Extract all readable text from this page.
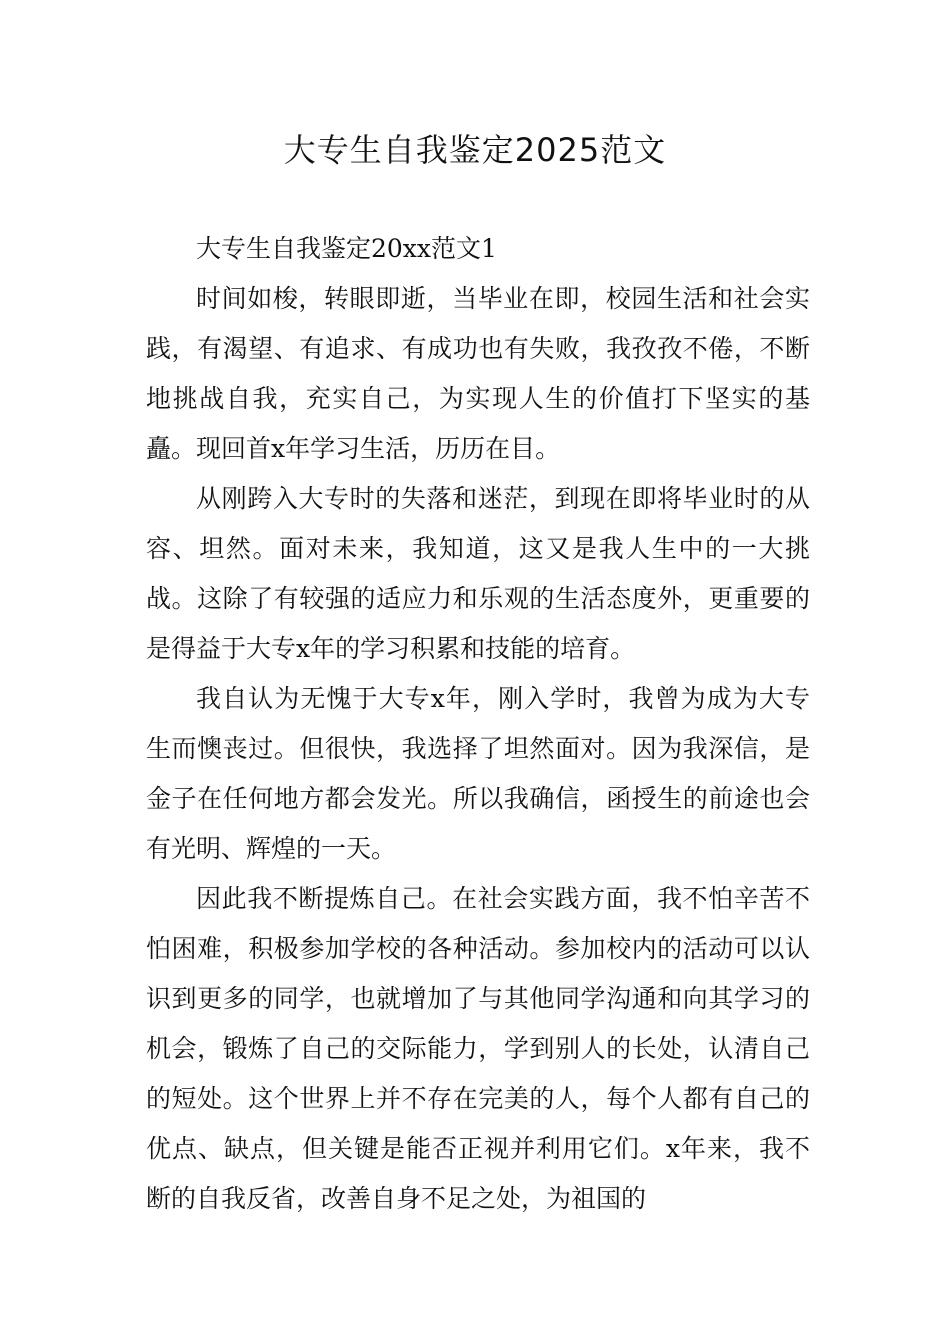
大专生自我鉴定2025范文

大专生自我鉴定20xx范文1

时间如梭，转眼即逝，当毕业在即，校园生活和社会实践，有渴望、有追求、有成功也有失败，我孜孜不倦，不断地挑战自我，充实自己，为实现人生的价值打下坚实的基矗。现回首x年学习生活，历历在目。

从刚跨入大专时的失落和迷茫，到现在即将毕业时的从容、坦然。面对未来，我知道，这又是我人生中的一大挑战。这除了有较强的适应力和乐观的生活态度外，更重要的是得益于大专x年的学习积累和技能的培育。

我自认为无愧于大专x年，刚入学时，我曾为成为大专生而懊丧过。但很快，我选择了坦然面对。因为我深信，是金子在任何地方都会发光。所以我确信，函授生的前途也会有光明、辉煌的一天。

因此我不断提炼自己。在社会实践方面，我不怕辛苦不怕困难，积极参加学校的各种活动。参加校内的活动可以认识到更多的同学，也就增加了与其他同学沟通和向其学习的机会，锻炼了自己的交际能力，学到别人的长处，认清自己的短处。这个世界上并不存在完美的人，每个人都有自己的优点、缺点，但关键是能否正视并利用它们。x年来，我不断的自我反省，改善自身不足之处，为祖国的
